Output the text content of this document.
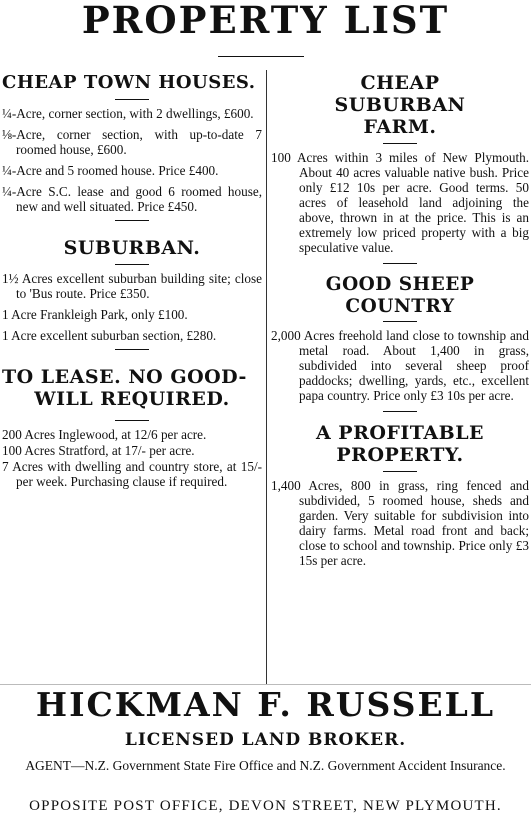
PROPERTY LIST
CHEAP TOWN HOUSES.

¼-Acre, corner section, with 2 dwellings, £600.

⅛-Acre, corner section, with up-to-date 7 roomed house, £600.

¼-Acre and 5 roomed house. Price £400.

¼-Acre S.C. lease and good 6 roomed house, new and well situated. Price £450.

SUBURBAN.

1½ Acres excellent suburban building site; close to 'Bus route. Price £350.

1 Acre Frankleigh Park, only £100.

1 Acre excellent suburban section, £280.

TO LEASE. NO GOOD-
WILL REQUIRED.

200 Acres Inglewood, at 12/6 per acre.

100 Acres Stratford, at 17/- per acre.

7 Acres with dwelling and country store, at 15/- per week. Purchasing clause if required.

CHEAP SUBURBAN FARM.

100 Acres within 3 miles of New Plymouth. About 40 acres valuable native bush. Price only £12 10s per acre. Good terms. 50 acres of leasehold land adjoining the above, thrown in at the price. This is an extremely low priced property with a big speculative value.

GOOD SHEEP COUNTRY

2,000 Acres freehold land close to township and metal road. About 1,400 in grass, subdivided into several sheep proof paddocks; dwelling, yards, etc., excellent papa country. Price only £3 10s per acre.

A PROFITABLE PROPERTY.

1,400 Acres, 800 in grass, ring fenced and subdivided, 5 roomed house, sheds and garden. Very suitable for subdivision into dairy farms. Metal road front and back; close to school and township. Price only £3 15s per acre.

HICKMAN F. RUSSELL
LICENSED LAND BROKER.
AGENT—N.Z. Government State Fire Office and N.Z. Government Accident Insurance.
OPPOSITE POST OFFICE, DEVON STREET, NEW PLYMOUTH.
